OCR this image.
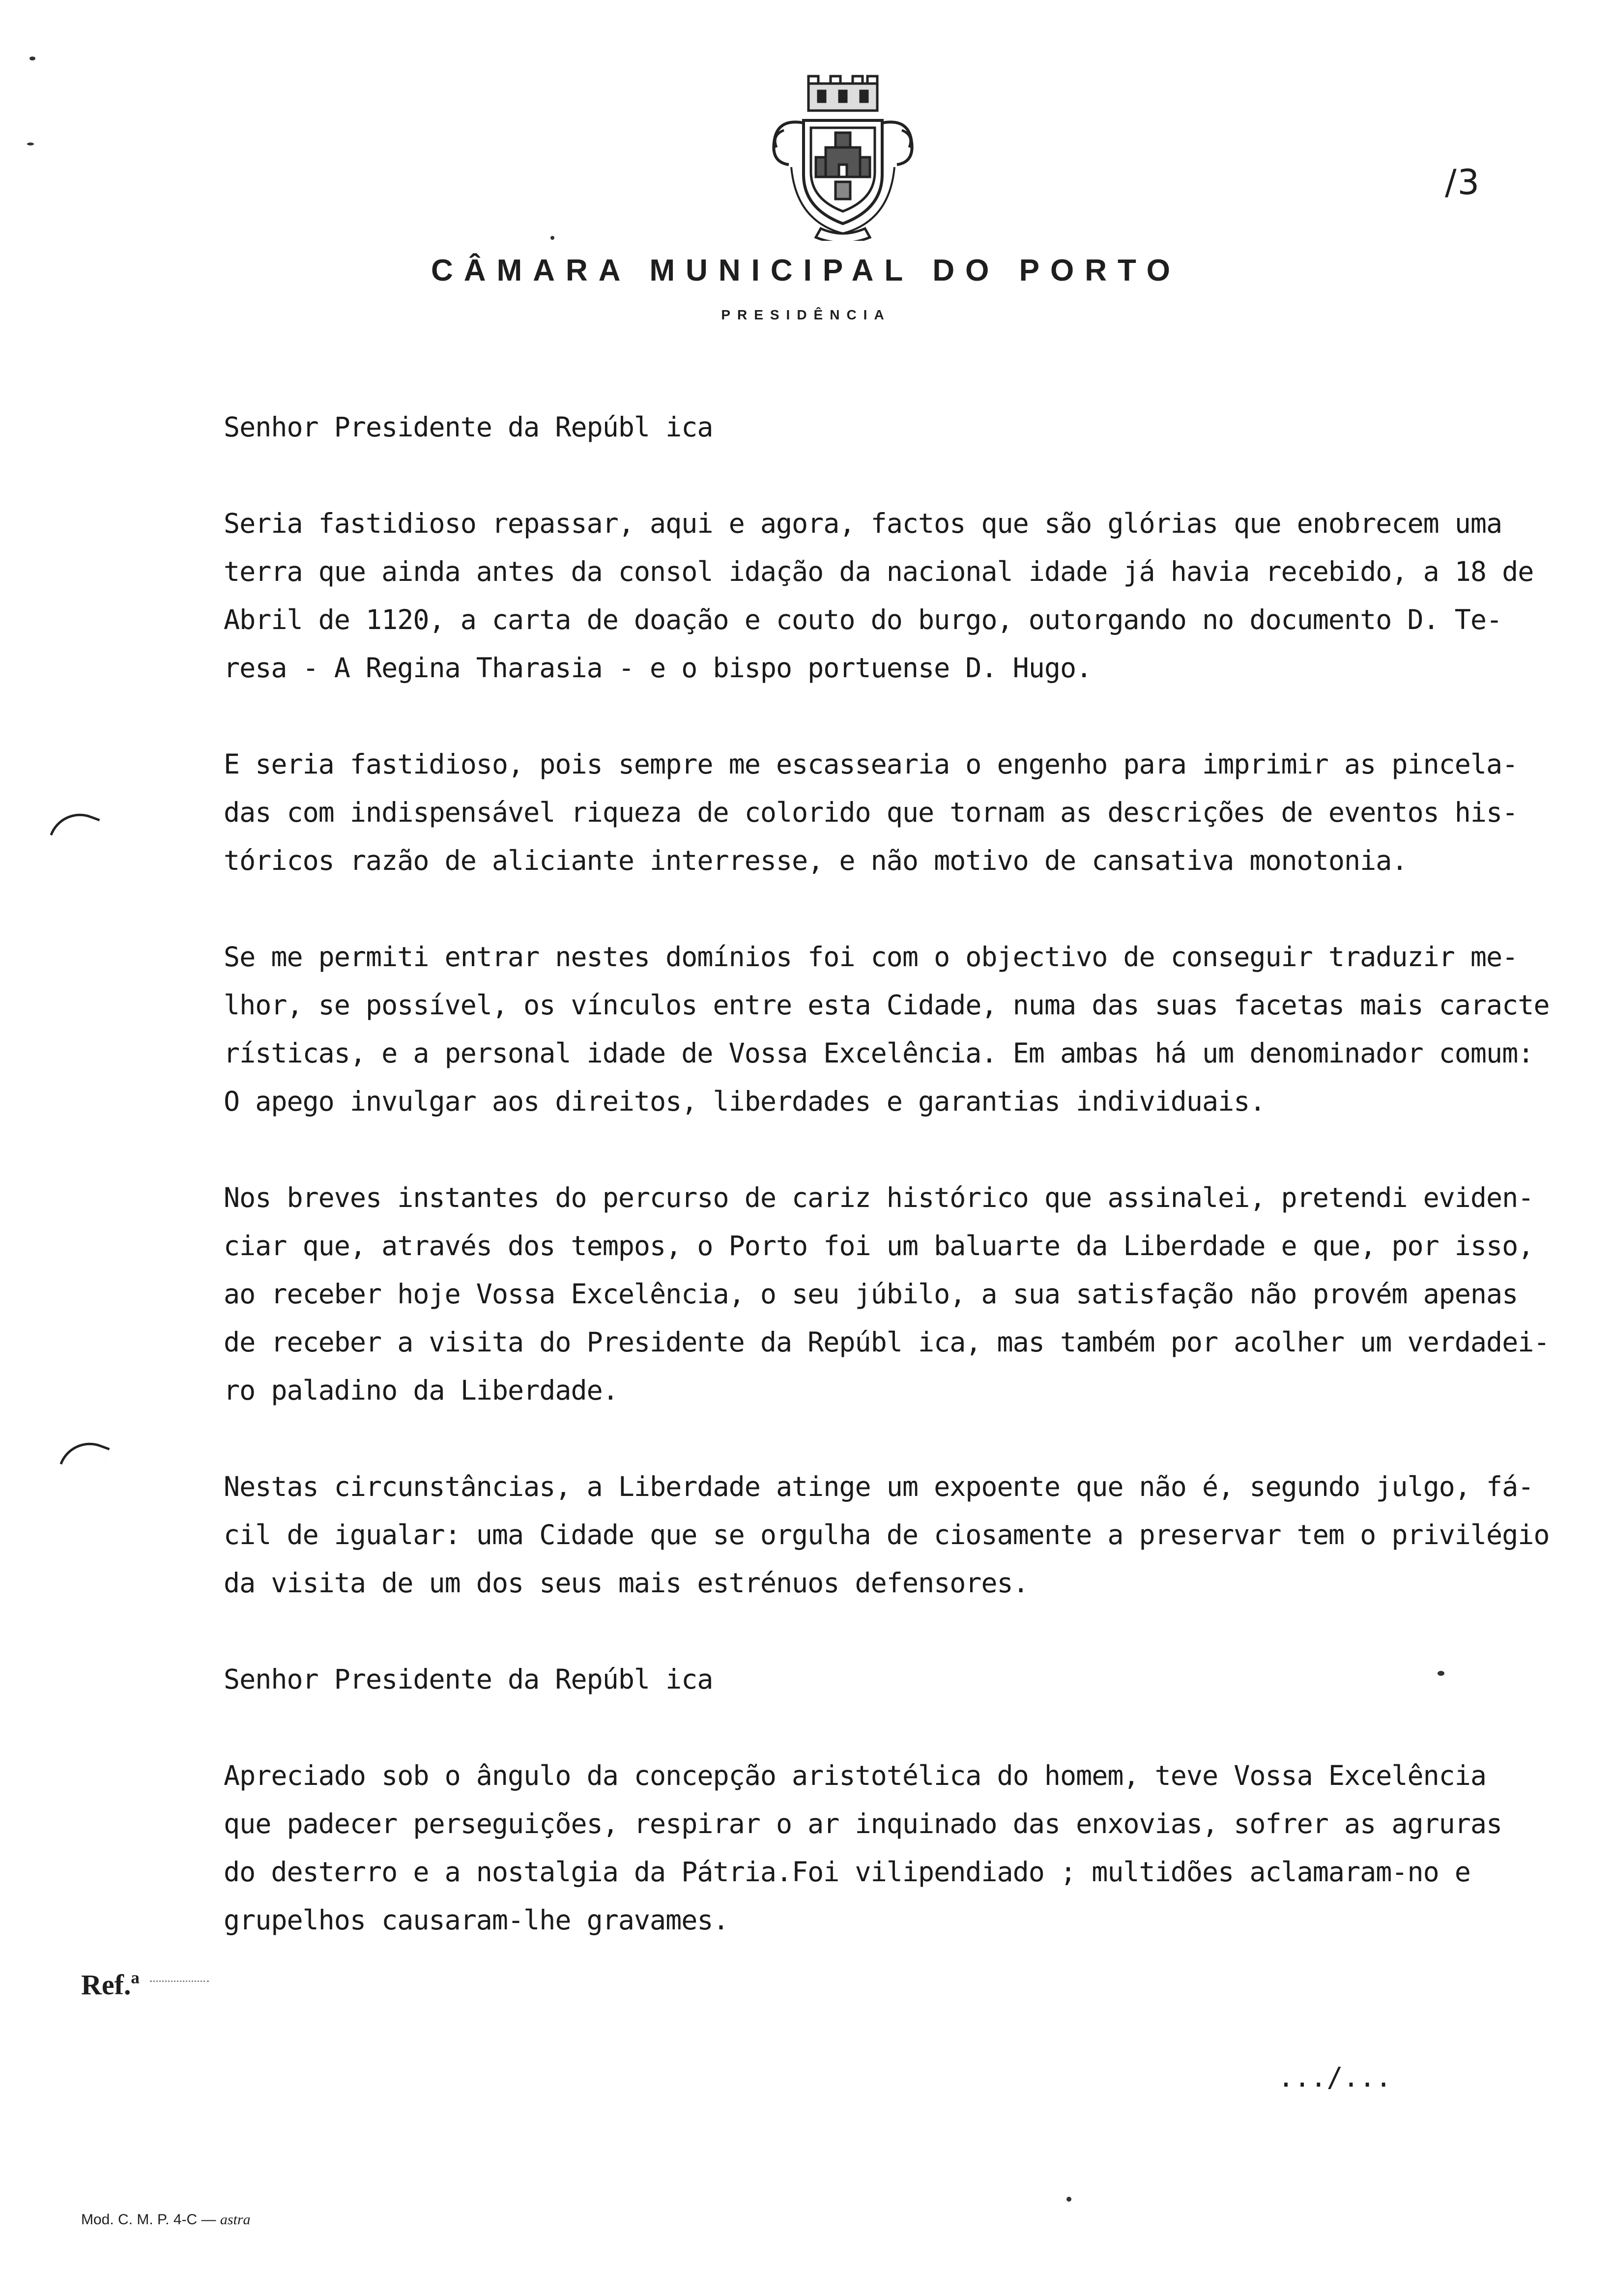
/3
CÂMARA MUNICIPAL DO PORTO
PRESIDÊNCIA

Senhor Presidente da Repúbl ica

Seria fastidioso repassar, aqui e agora, factos que são glórias que enobrecem uma
terra que ainda antes da consol idação da nacional idade já havia recebido, a 18 de
Abril de 1120, a carta de doação e couto do burgo, outorgando no documento D. Te-
resa - A Regina Tharasia - e o bispo portuense D. Hugo.

E seria fastidioso, pois sempre me escassearia o engenho para imprimir as pincela-
das com indispensável riqueza de colorido que tornam as descrições de eventos his-
tóricos razão de aliciante interresse, e não motivo de cansativa monotonia.

Se me permiti entrar nestes domínios foi com o objectivo de conseguir traduzir me-
lhor, se possível, os vínculos entre esta Cidade, numa das suas facetas mais caracte
rísticas, e a personal idade de Vossa Excelência. Em ambas há um denominador comum:
O apego invulgar aos direitos, liberdades e garantias individuais.

Nos breves instantes do percurso de cariz histórico que assinalei, pretendi eviden-
ciar que, através dos tempos, o Porto foi um baluarte da Liberdade e que, por isso,
ao receber hoje Vossa Excelência, o seu júbilo, a sua satisfação não provém apenas
de receber a visita do Presidente da Repúbl ica, mas também por acolher um verdadei-
ro paladino da Liberdade.

Nestas circunstâncias, a Liberdade atinge um expoente que não é, segundo julgo, fá-
cil de igualar: uma Cidade que se orgulha de ciosamente a preservar tem o privilégio
da visita de um dos seus mais estrénuos defensores.

Senhor Presidente da Repúbl ica

Apreciado sob o ângulo da concepção aristotélica do homem, teve Vossa Excelência
que padecer perseguições, respirar o ar inquinado das enxovias, sofrer as agruras
do desterro e a nostalgia da Pátria.Foi vilipendiado ; multidões aclamaram-no e
grupelhos causaram-lhe gravames.

Ref.ª
.../...
Mod. C. M. P. 4-C — astra
